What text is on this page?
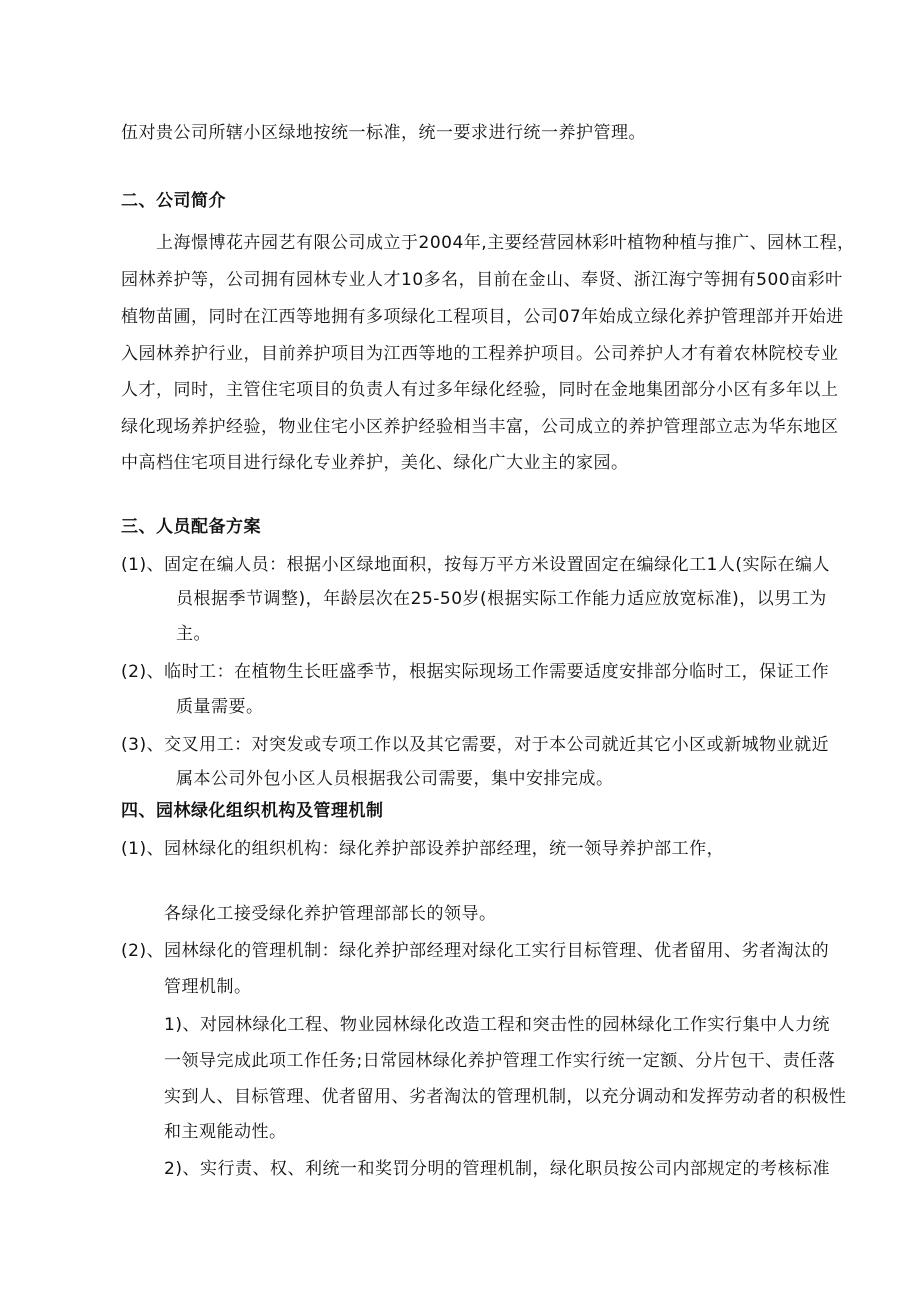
伍对贵公司所辖小区绿地按统一标准，统一要求进行统一养护管理。
二、公司简介
上海憬博花卉园艺有限公司成立于2004年,主要经营园林彩叶植物种植与推广、园林工程，
园林养护等，公司拥有园林专业人才10多名，目前在金山、奉贤、浙江海宁等拥有500亩彩叶
植物苗圃，同时在江西等地拥有多项绿化工程项目，公司07年始成立绿化养护管理部并开始进
入园林养护行业，目前养护项目为江西等地的工程养护项目。公司养护人才有着农林院校专业
人才，同时，主管住宅项目的负责人有过多年绿化经验，同时在金地集团部分小区有多年以上
绿化现场养护经验，物业住宅小区养护经验相当丰富，公司成立的养护管理部立志为华东地区
中高档住宅项目进行绿化专业养护，美化、绿化广大业主的家园。
三、人员配备方案
(1)、固定在编人员：根据小区绿地面积，按每万平方米设置固定在编绿化工1人(实际在编人
员根据季节调整)，年龄层次在25-50岁(根据实际工作能力适应放宽标准)，以男工为
主。
(2)、临时工：在植物生长旺盛季节，根据实际现场工作需要适度安排部分临时工，保证工作
质量需要。
(3)、交叉用工：对突发或专项工作以及其它需要，对于本公司就近其它小区或新城物业就近
属本公司外包小区人员根据我公司需要，集中安排完成。
四、园林绿化组织机构及管理机制
(1)、园林绿化的组织机构：绿化养护部设养护部经理，统一领导养护部工作，
各绿化工接受绿化养护管理部部长的领导。
(2)、园林绿化的管理机制：绿化养护部经理对绿化工实行目标管理、优者留用、劣者淘汰的
管理机制。
1)、对园林绿化工程、物业园林绿化改造工程和突击性的园林绿化工作实行集中人力统
一领导完成此项工作任务;日常园林绿化养护管理工作实行统一定额、分片包干、责任落
实到人、目标管理、优者留用、劣者淘汰的管理机制，以充分调动和发挥劳动者的积极性
和主观能动性。
2)、实行责、权、利统一和奖罚分明的管理机制，绿化职员按公司内部规定的考核标准
